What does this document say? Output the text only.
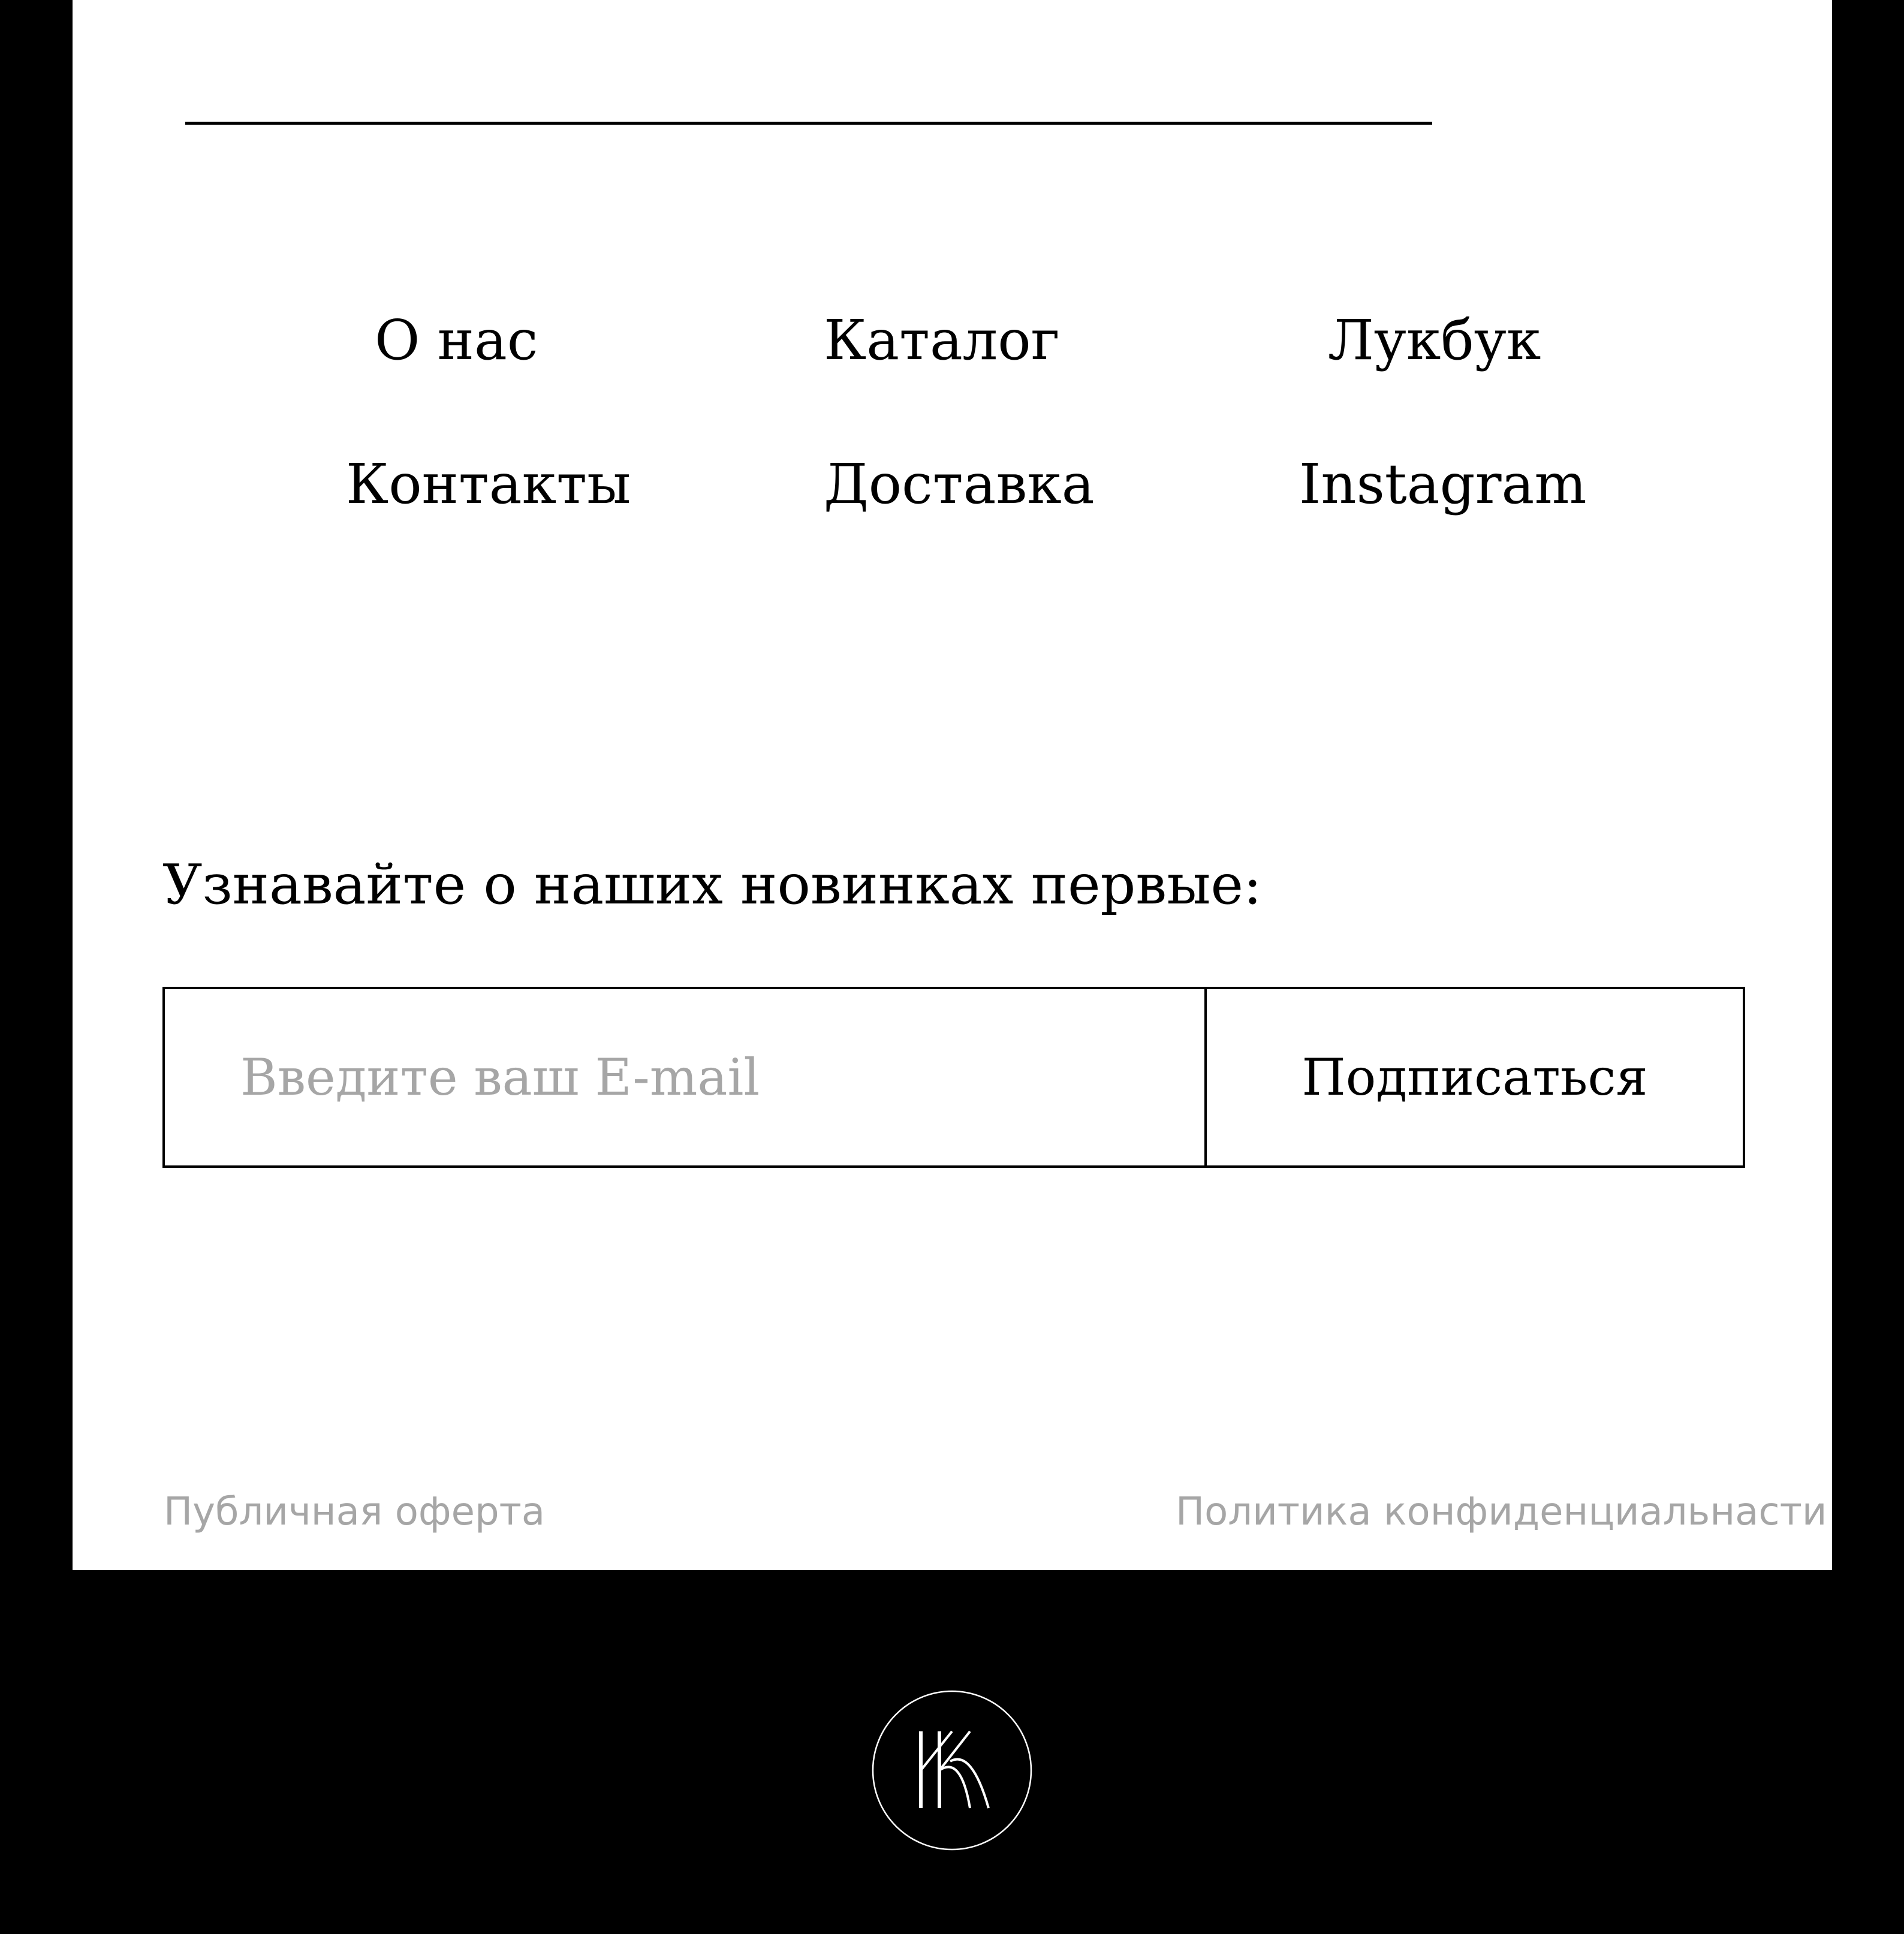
О нас	Каталог	Лукбук
Контакты	Доставка	Instagram
Узнавайте о наших новинках первые:
Введите ваш E-mail
Подписаться
Публичная оферта	Политика конфиденциальнасти
